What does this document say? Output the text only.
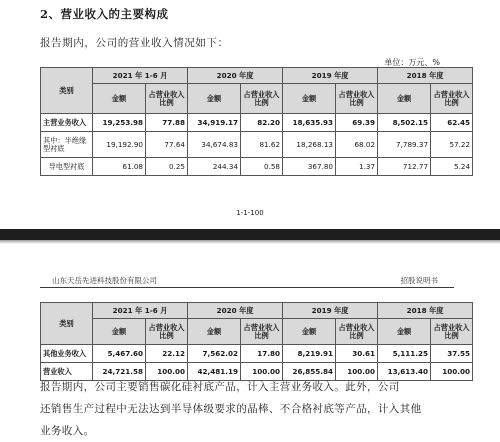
2、营业收入的主要构成
报告期内，公司的营业收入情况如下：
单位：万元、%
类别	2021 年 1-6 月		2020 年度		2019 年度		2018 年度	
	金额	占营业收入比例	金额	占营业收入比例	金额	占营业收入比例	金额	占营业收入比例
主营业务收入	19,253.98	77.88	34,919.17	82.20	18,635.93	69.39	8,502.15	62.45
其中：半绝缘型衬底	19,192.90	77.64	34,674.83	81.62	18,268.13	68.02	7,789.37	57.22
导电型衬底	61.08	0.25	244.34	0.58	367.80	1.37	712.77	5.24
1-1-100
山东天岳先进科技股份有限公司	招股说明书
类别	2021 年 1-6 月		2020 年度		2019 年度		2018 年度	
	金额	占营业收入比例	金额	占营业收入比例	金额	占营业收入比例	金额	占营业收入比例
其他业务收入	5,467.60	22.12	7,562.02	17.80	8,219.91	30.61	5,111.25	37.55
营业收入	24,721.58	100.00	42,481.19	100.00	26,855.84	100.00	13,613.40	100.00
报告期内，公司主要销售碳化硅衬底产品，计入主营业务收入。此外，公司
还销售生产过程中无法达到半导体级要求的晶棒、不合格衬底等产品，计入其他
业务收入。
